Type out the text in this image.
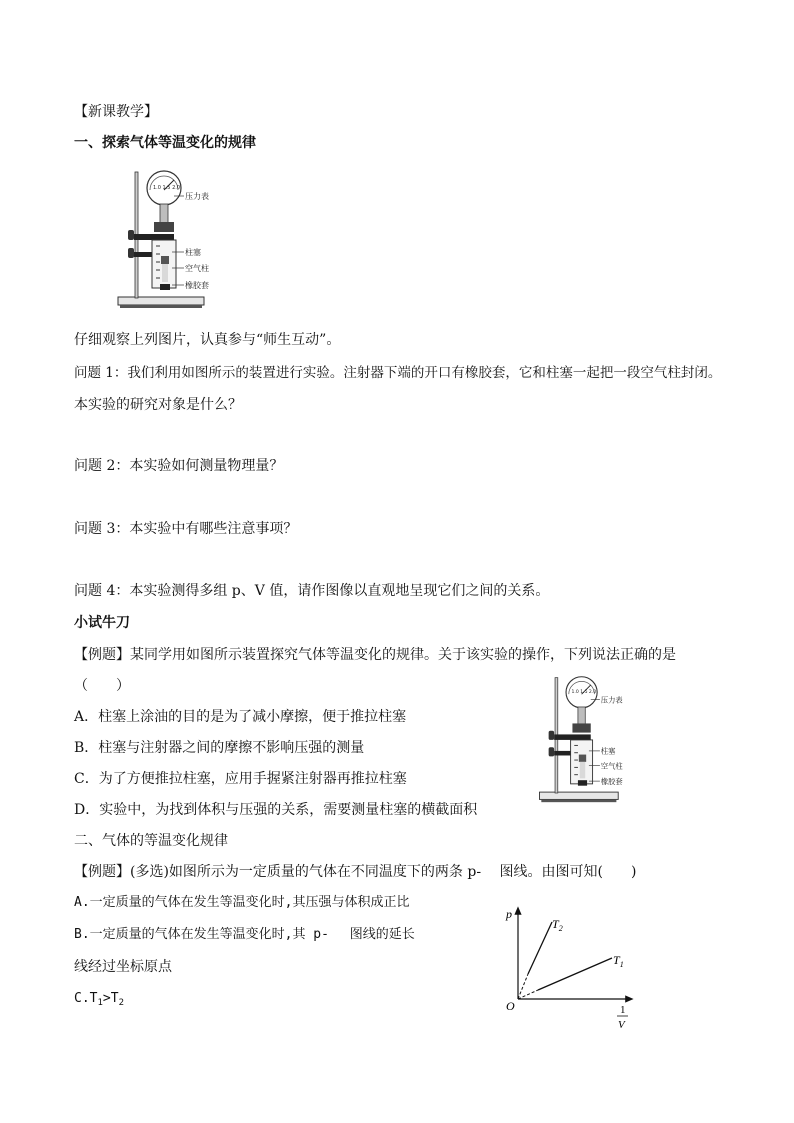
【新课教学】
一、探索气体等温变化的规律
1.0 1.5 2.0
压力表
柱塞
空气柱
橡胶套
仔细观察上列图片，认真参与“师生互动”。
问题 1：我们利用如图所示的装置进行实验。注射器下端的开口有橡胶套，它和柱塞一起把一段空气柱封闭。
本实验的研究对象是什么？
问题 2：本实验如何测量物理量？
问题 3：本实验中有哪些注意事项？
问题 4：本实验测得多组 p、V 值，请作图像以直观地呈现它们之间的关系。
小试牛刀
【例题】某同学用如图所示装置探究气体等温变化的规律。关于该实验的操作，下列说法正确的是
（　　）
A．柱塞上涂油的目的是为了减小摩擦，便于推拉柱塞
B．柱塞与注射器之间的摩擦不影响压强的测量
C．为了方便推拉柱塞，应用手握紧注射器再推拉柱塞
D．实验中，为找到体积与压强的关系，需要测量柱塞的横截面积
1.0 1.5 2.0
压力表
柱塞
空气柱
橡胶套
二、气体的等温变化规律
【例题】(多选)如图所示为一定质量的气体在不同温度下的两条 p-　 图线。由图可知(　　)
A.一定质量的气体在发生等温变化时,其压强与体积成正比
B.一定质量的气体在发生等温变化时,其 p-　 图线的延长
线经过坐标原点
$C.T_1>T_2$
p
O
$T_2$
$T_1$
1
V
